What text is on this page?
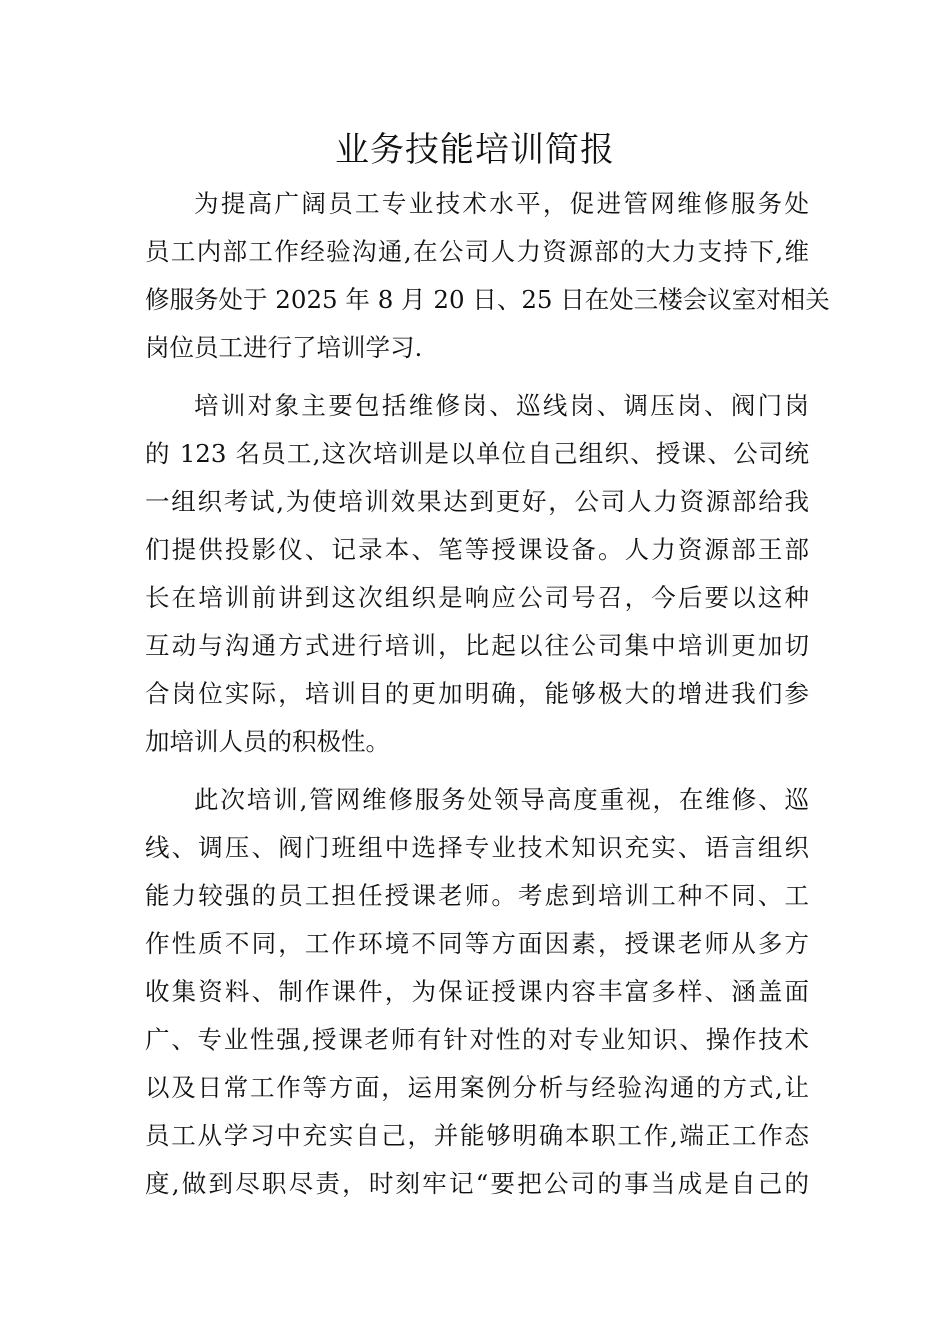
业务技能培训简报

为提高广阔员工专业技术水平，促进管网维修服务处
员工内部工作经验沟通,在公司人力资源部的大力支持下,维
修服务处于 2025 年 8 月 20 日、25 日在处三楼会议室对相关
岗位员工进行了培训学习.

培训对象主要包括维修岗、巡线岗、调压岗、阀门岗
的 123 名员工,这次培训是以单位自己组织、授课、公司统
一组织考试,为使培训效果达到更好，公司人力资源部给我
们提供投影仪、记录本、笔等授课设备。人力资源部王部
长在培训前讲到这次组织是响应公司号召，今后要以这种
互动与沟通方式进行培训，比起以往公司集中培训更加切
合岗位实际，培训目的更加明确，能够极大的增进我们参
加培训人员的积极性。

此次培训,管网维修服务处领导高度重视，在维修、巡
线、调压、阀门班组中选择专业技术知识充实、语言组织
能力较强的员工担任授课老师。考虑到培训工种不同、工
作性质不同，工作环境不同等方面因素，授课老师从多方
收集资料、制作课件，为保证授课内容丰富多样、涵盖面
广、专业性强,授课老师有针对性的对专业知识、操作技术
以及日常工作等方面，运用案例分析与经验沟通的方式,让
员工从学习中充实自己，并能够明确本职工作,端正工作态
度,做到尽职尽责，时刻牢记“要把公司的事当成是自己的
